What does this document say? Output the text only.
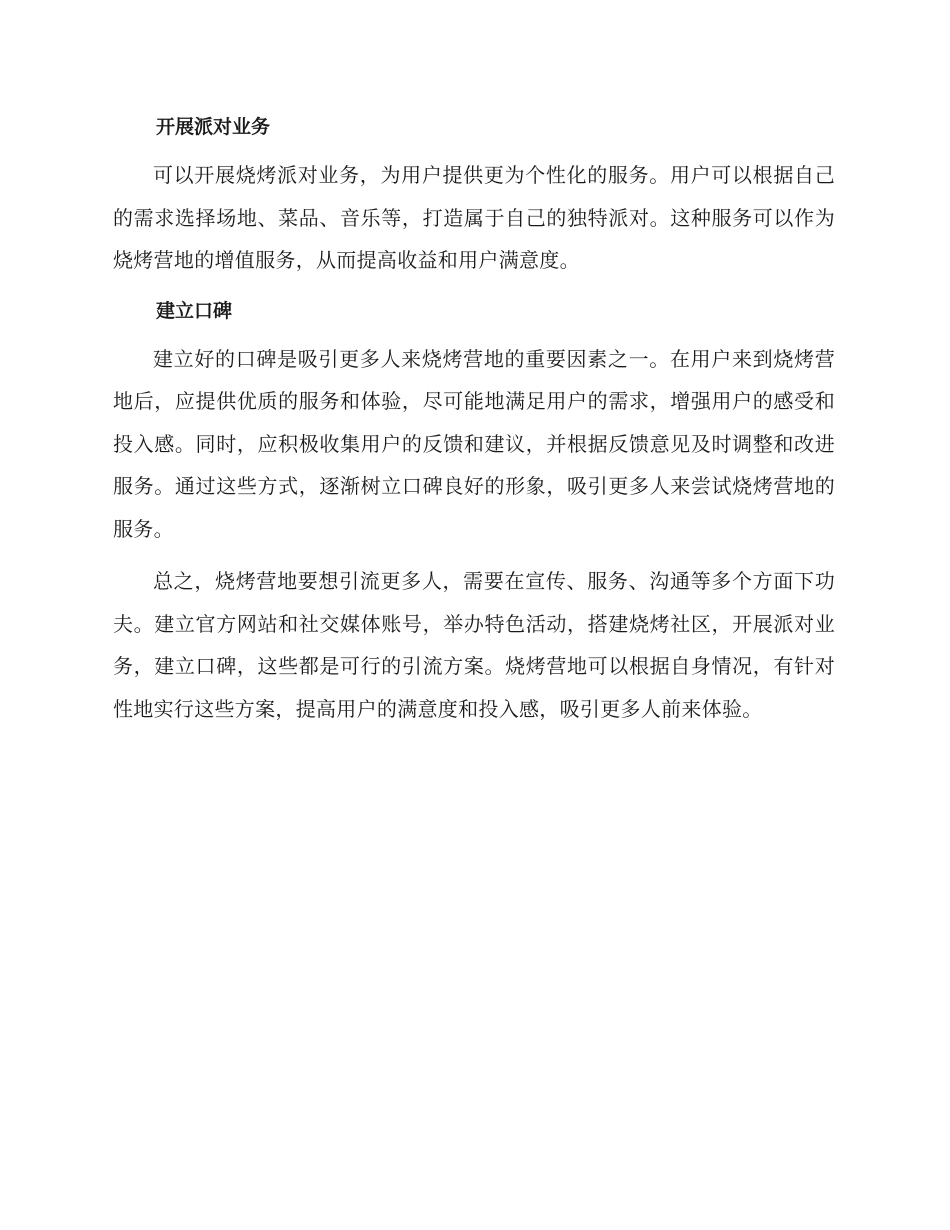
开展派对业务

可以开展烧烤派对业务，为用户提供更为个性化的服务。用户可以根据自己的需求选择场地、菜品、音乐等，打造属于自己的独特派对。这种服务可以作为烧烤营地的增值服务，从而提高收益和用户满意度。

建立口碑

建立好的口碑是吸引更多人来烧烤营地的重要因素之一。在用户来到烧烤营地后，应提供优质的服务和体验，尽可能地满足用户的需求，增强用户的感受和投入感。同时，应积极收集用户的反馈和建议，并根据反馈意见及时调整和改进服务。通过这些方式，逐渐树立口碑良好的形象，吸引更多人来尝试烧烤营地的服务。

总之，烧烤营地要想引流更多人，需要在宣传、服务、沟通等多个方面下功夫。建立官方网站和社交媒体账号，举办特色活动，搭建烧烤社区，开展派对业务，建立口碑，这些都是可行的引流方案。烧烤营地可以根据自身情况，有针对性地实行这些方案，提高用户的满意度和投入感，吸引更多人前来体验。
